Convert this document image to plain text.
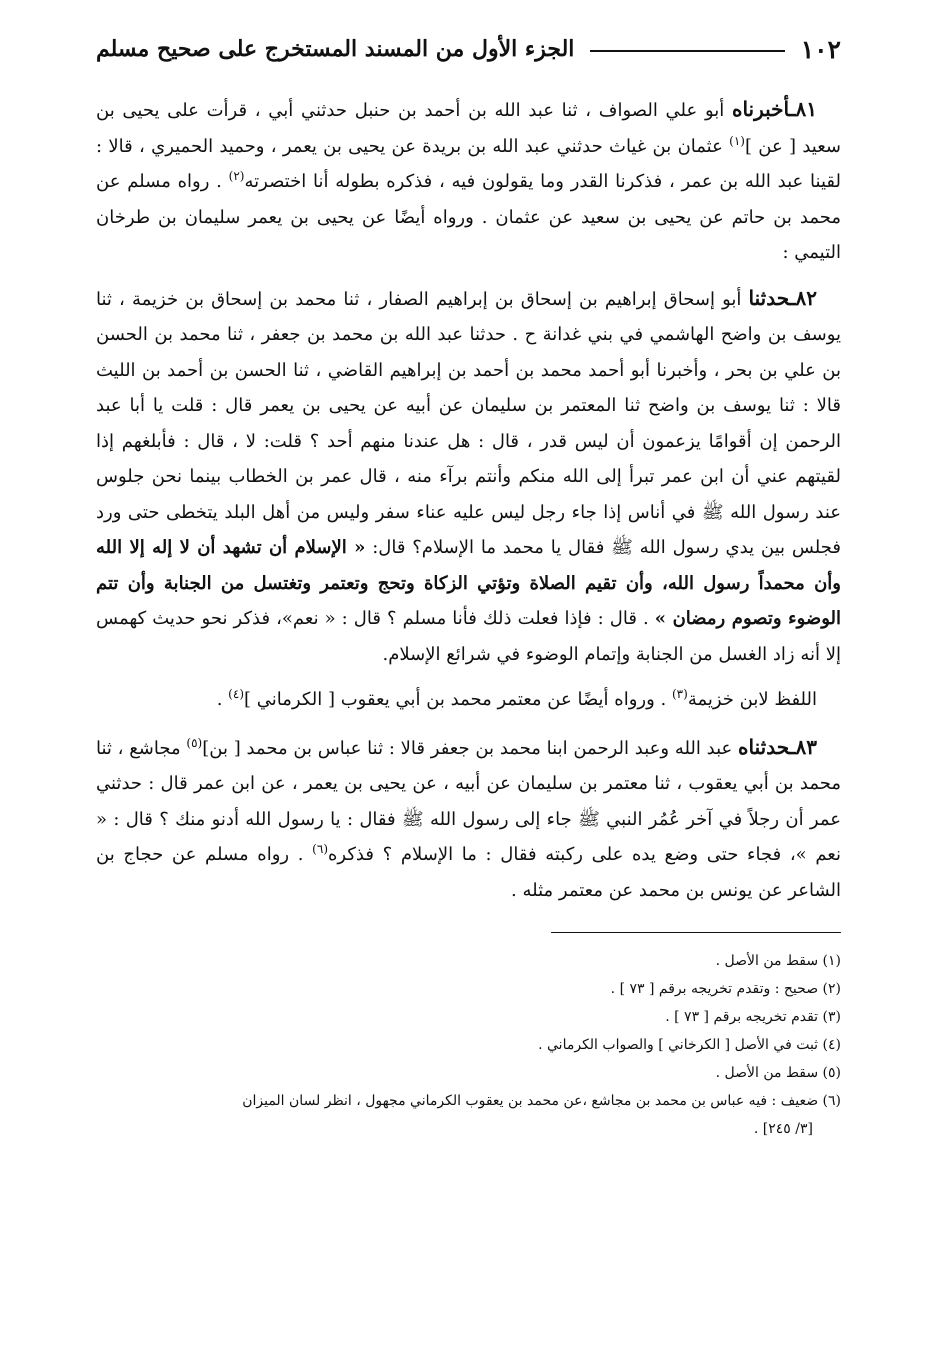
١٠٢
الجزء الأول من المسند المستخرج على صحيح مسلم

٨١ـأخبرناه أبو علي الصواف ، ثنا عبد الله بن أحمد بن حنبل حدثني أبي ، قرأت على يحيى بن سعيد [ عن ]$^{(١)}$ عثمان بن غياث حدثني عبد الله بن بريدة عن يحيى بن يعمر ، وحميد الحميري ، قالا : لقينا عبد الله بن عمر ، فذكرنا القدر وما يقولون فيه ، فذكره بطوله أنا اختصرته$^{(٢)}$ . رواه مسلم عن محمد بن حاتم عن يحيى بن سعيد عن عثمان . ورواه أيضًا عن يحيى بن يعمر سليمان بن طرخان التيمي :

٨٢ـحدثنا أبو إسحاق إبراهيم بن إسحاق بن إبراهيم الصفار ، ثنا محمد بن إسحاق بن خزيمة ، ثنا يوسف بن واضح الهاشمي في بني غدانة ح . حدثنا عبد الله بن محمد بن جعفر ، ثنا محمد بن الحسن بن علي بن بحر ، وأخبرنا أبو أحمد محمد بن أحمد بن إبراهيم القاضي ، ثنا الحسن بن أحمد بن الليث قالا : ثنا يوسف بن واضح ثنا المعتمر بن سليمان عن أبيه عن يحيى بن يعمر قال : قلت يا أبا عبد الرحمن إن أقوامًا يزعمون أن ليس قدر ، قال : هل عندنا منهم أحد ؟ قلت: لا ، قال : فأبلغهم إذا لقيتهم عني أن ابن عمر تبرأ إلى الله منكم وأنتم برآء منه ، قال عمر بن الخطاب بينما نحن جلوس عند رسول الله ﷺ في أناس إذا جاء رجل ليس عليه عناء سفر وليس من أهل البلد يتخطى حتى ورد فجلس بين يدي رسول الله ﷺ فقال يا محمد ما الإسلام؟ قال: « الإسلام أن تشهد أن لا إله إلا الله وأن محمداً رسول الله، وأن تقيم الصلاة وتؤتي الزكاة وتحج وتعتمر وتغتسل من الجنابة وأن تتم الوضوء وتصوم رمضان » . قال : فإذا فعلت ذلك فأنا مسلم ؟ قال : « نعم»، فذكر نحو حديث كهمس إلا أنه زاد الغسل من الجنابة وإتمام الوضوء في شرائع الإسلام.

اللفظ لابن خزيمة$^{(٣)}$ . ورواه أيضًا عن معتمر محمد بن أبي يعقوب [ الكرماني ]$^{(٤)}$ .

٨٣ـحدثناه عبد الله وعبد الرحمن ابنا محمد بن جعفر قالا : ثنا عباس بن محمد [ بن]$^{(٥)}$ مجاشع ، ثنا محمد بن أبي يعقوب ، ثنا معتمر بن سليمان عن أبيه ، عن يحيى بن يعمر ، عن ابن عمر قال : حدثني عمر أن رجلاً في آخر عُمُر النبي ﷺ جاء إلى رسول الله ﷺ فقال : يا رسول الله أدنو منك ؟ قال : « نعم »، فجاء حتى وضع يده على ركبته فقال : ما الإسلام ؟ فذكره$^{(٦)}$ . رواه مسلم عن حجاج بن الشاعر عن يونس بن محمد عن معتمر مثله .

(١) سقط من الأصل .

(٢) صحيح : وتقدم تخريجه برقم [ ٧٣ ] .

(٣) تقدم تخريجه برقم [ ٧٣ ] .

(٤) ثبت في الأصل [ الكرخاني ] والصواب الكرماني .

(٥) سقط من الأصل .

(٦) ضعيف : فيه عباس بن محمد بن مجاشع ،عن محمد بن يعقوب الكرماني مجهول ، انظر لسان الميزان

[٣/ ٢٤٥] .
